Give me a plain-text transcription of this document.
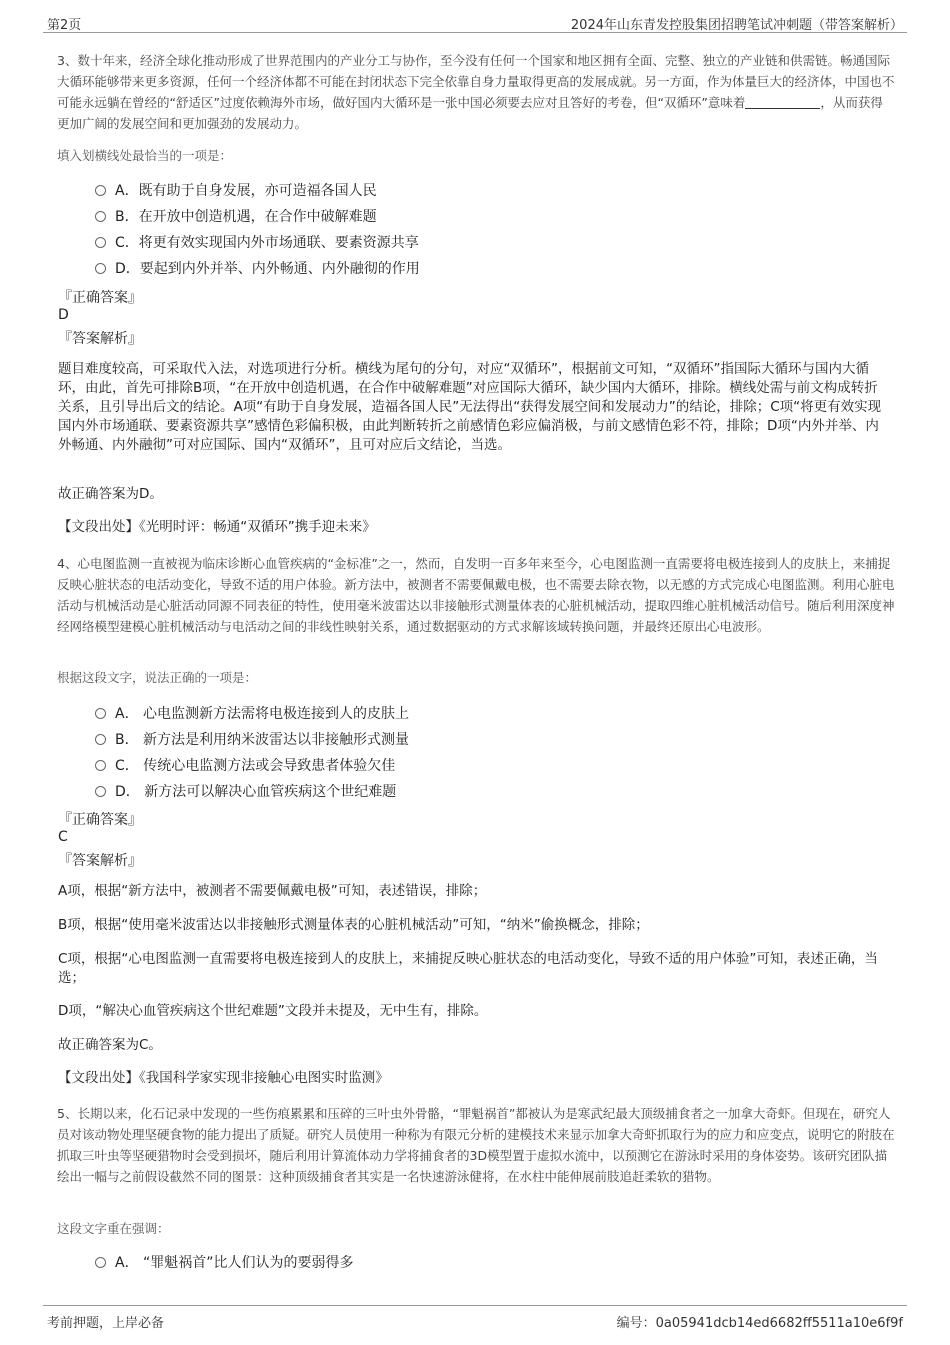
第2页	2024年山东青发控股集团招聘笔试冲刺题（带答案解析）

3、数十年来，经济全球化推动形成了世界范围内的产业分工与协作，至今没有任何一个国家和地区拥有全面、完整、独立的产业链和供需链。畅通国际大循环能够带来更多资源，任何一个经济体都不可能在封闭状态下完全依靠自身力量取得更高的发展成就。另一方面，作为体量巨大的经济体，中国也不可能永远躺在曾经的“舒适区”过度依赖海外市场，做好国内大循环是一张中国必须要去应对且答好的考卷，但“双循环”意味着	，从而获得更加广阔的发展空间和更加强劲的发展动力。

填入划横线处最恰当的一项是：

A．既有助于自身发展，亦可造福各国人民
B．在开放中创造机遇，在合作中破解难题
C．将更有效实现国内外市场通联、要素资源共享
D．要起到内外并举、内外畅通、内外融彻的作用
『正确答案』
D
『答案解析』

题目难度较高，可采取代入法，对选项进行分析。横线为尾句的分句，对应“双循环”，根据前文可知，“双循环”指国际大循环与国内大循环，由此，首先可排除B项，“在开放中创造机遇，在合作中破解难题”对应国际大循环，缺少国内大循环，排除。横线处需与前文构成转折关系，且引导出后文的结论。A项“有助于自身发展，造福各国人民”无法得出“获得发展空间和发展动力”的结论，排除；C项“将更有效实现国内外市场通联、要素资源共享”感情色彩偏积极，由此判断转折之前感情色彩应偏消极，与前文感情色彩不符，排除；D项“内外并举、内外畅通、内外融彻”可对应国际、国内“双循环”，且可对应后文结论，当选。

故正确答案为D。

【文段出处】《光明时评：畅通“双循环”携手迎未来》

4、心电图监测一直被视为临床诊断心血管疾病的“金标准”之一，然而，自发明一百多年来至今，心电图监测一直需要将电极连接到人的皮肤上，来捕捉反映心脏状态的电活动变化，导致不适的用户体验。新方法中，被测者不需要佩戴电极，也不需要去除衣物，以无感的方式完成心电图监测。利用心脏电活动与机械活动是心脏活动同源不同表征的特性，使用毫米波雷达以非接触形式测量体表的心脏机械活动，提取四维心脏机械活动信号。随后利用深度神经网络模型建模心脏机械活动与电活动之间的非线性映射关系，通过数据驱动的方式求解该域转换问题，并最终还原出心电波形。

根据这段文字，说法正确的一项是：

A． 心电监测新方法需将电极连接到人的皮肤上
B． 新方法是利用纳米波雷达以非接触形式测量
C． 传统心电监测方法或会导致患者体验欠佳
D． 新方法可以解决心血管疾病这个世纪难题
『正确答案』
C
『答案解析』

A项，根据“新方法中，被测者不需要佩戴电极”可知，表述错误，排除；

B项，根据“使用毫米波雷达以非接触形式测量体表的心脏机械活动”可知，“纳米”偷换概念，排除；

C项，根据“心电图监测一直需要将电极连接到人的皮肤上，来捕捉反映心脏状态的电活动变化，导致不适的用户体验”可知，表述正确，当选；

D项，“解决心血管疾病这个世纪难题”文段并未提及，无中生有，排除。

故正确答案为C。

【文段出处】《我国科学家实现非接触心电图实时监测》

5、长期以来，化石记录中发现的一些伤痕累累和压碎的三叶虫外骨骼，“罪魁祸首”都被认为是寒武纪最大顶级捕食者之一加拿大奇虾。但现在，研究人员对该动物处理坚硬食物的能力提出了质疑。研究人员使用一种称为有限元分析的建模技术来显示加拿大奇虾抓取行为的应力和应变点，说明它的附肢在抓取三叶虫等坚硬猎物时会受到损坏，随后利用计算流体动力学将捕食者的3D模型置于虚拟水流中，以预测它在游泳时采用的身体姿势。该研究团队描绘出一幅与之前假设截然不同的图景：这种顶级捕食者其实是一名快速游泳健将，在水柱中能伸展前肢追赶柔软的猎物。

这段文字重在强调：

A． “罪魁祸首”比人们认为的要弱得多
考前押题，上岸必备	编号：0a05941dcb14ed6682ff5511a10e6f9f
